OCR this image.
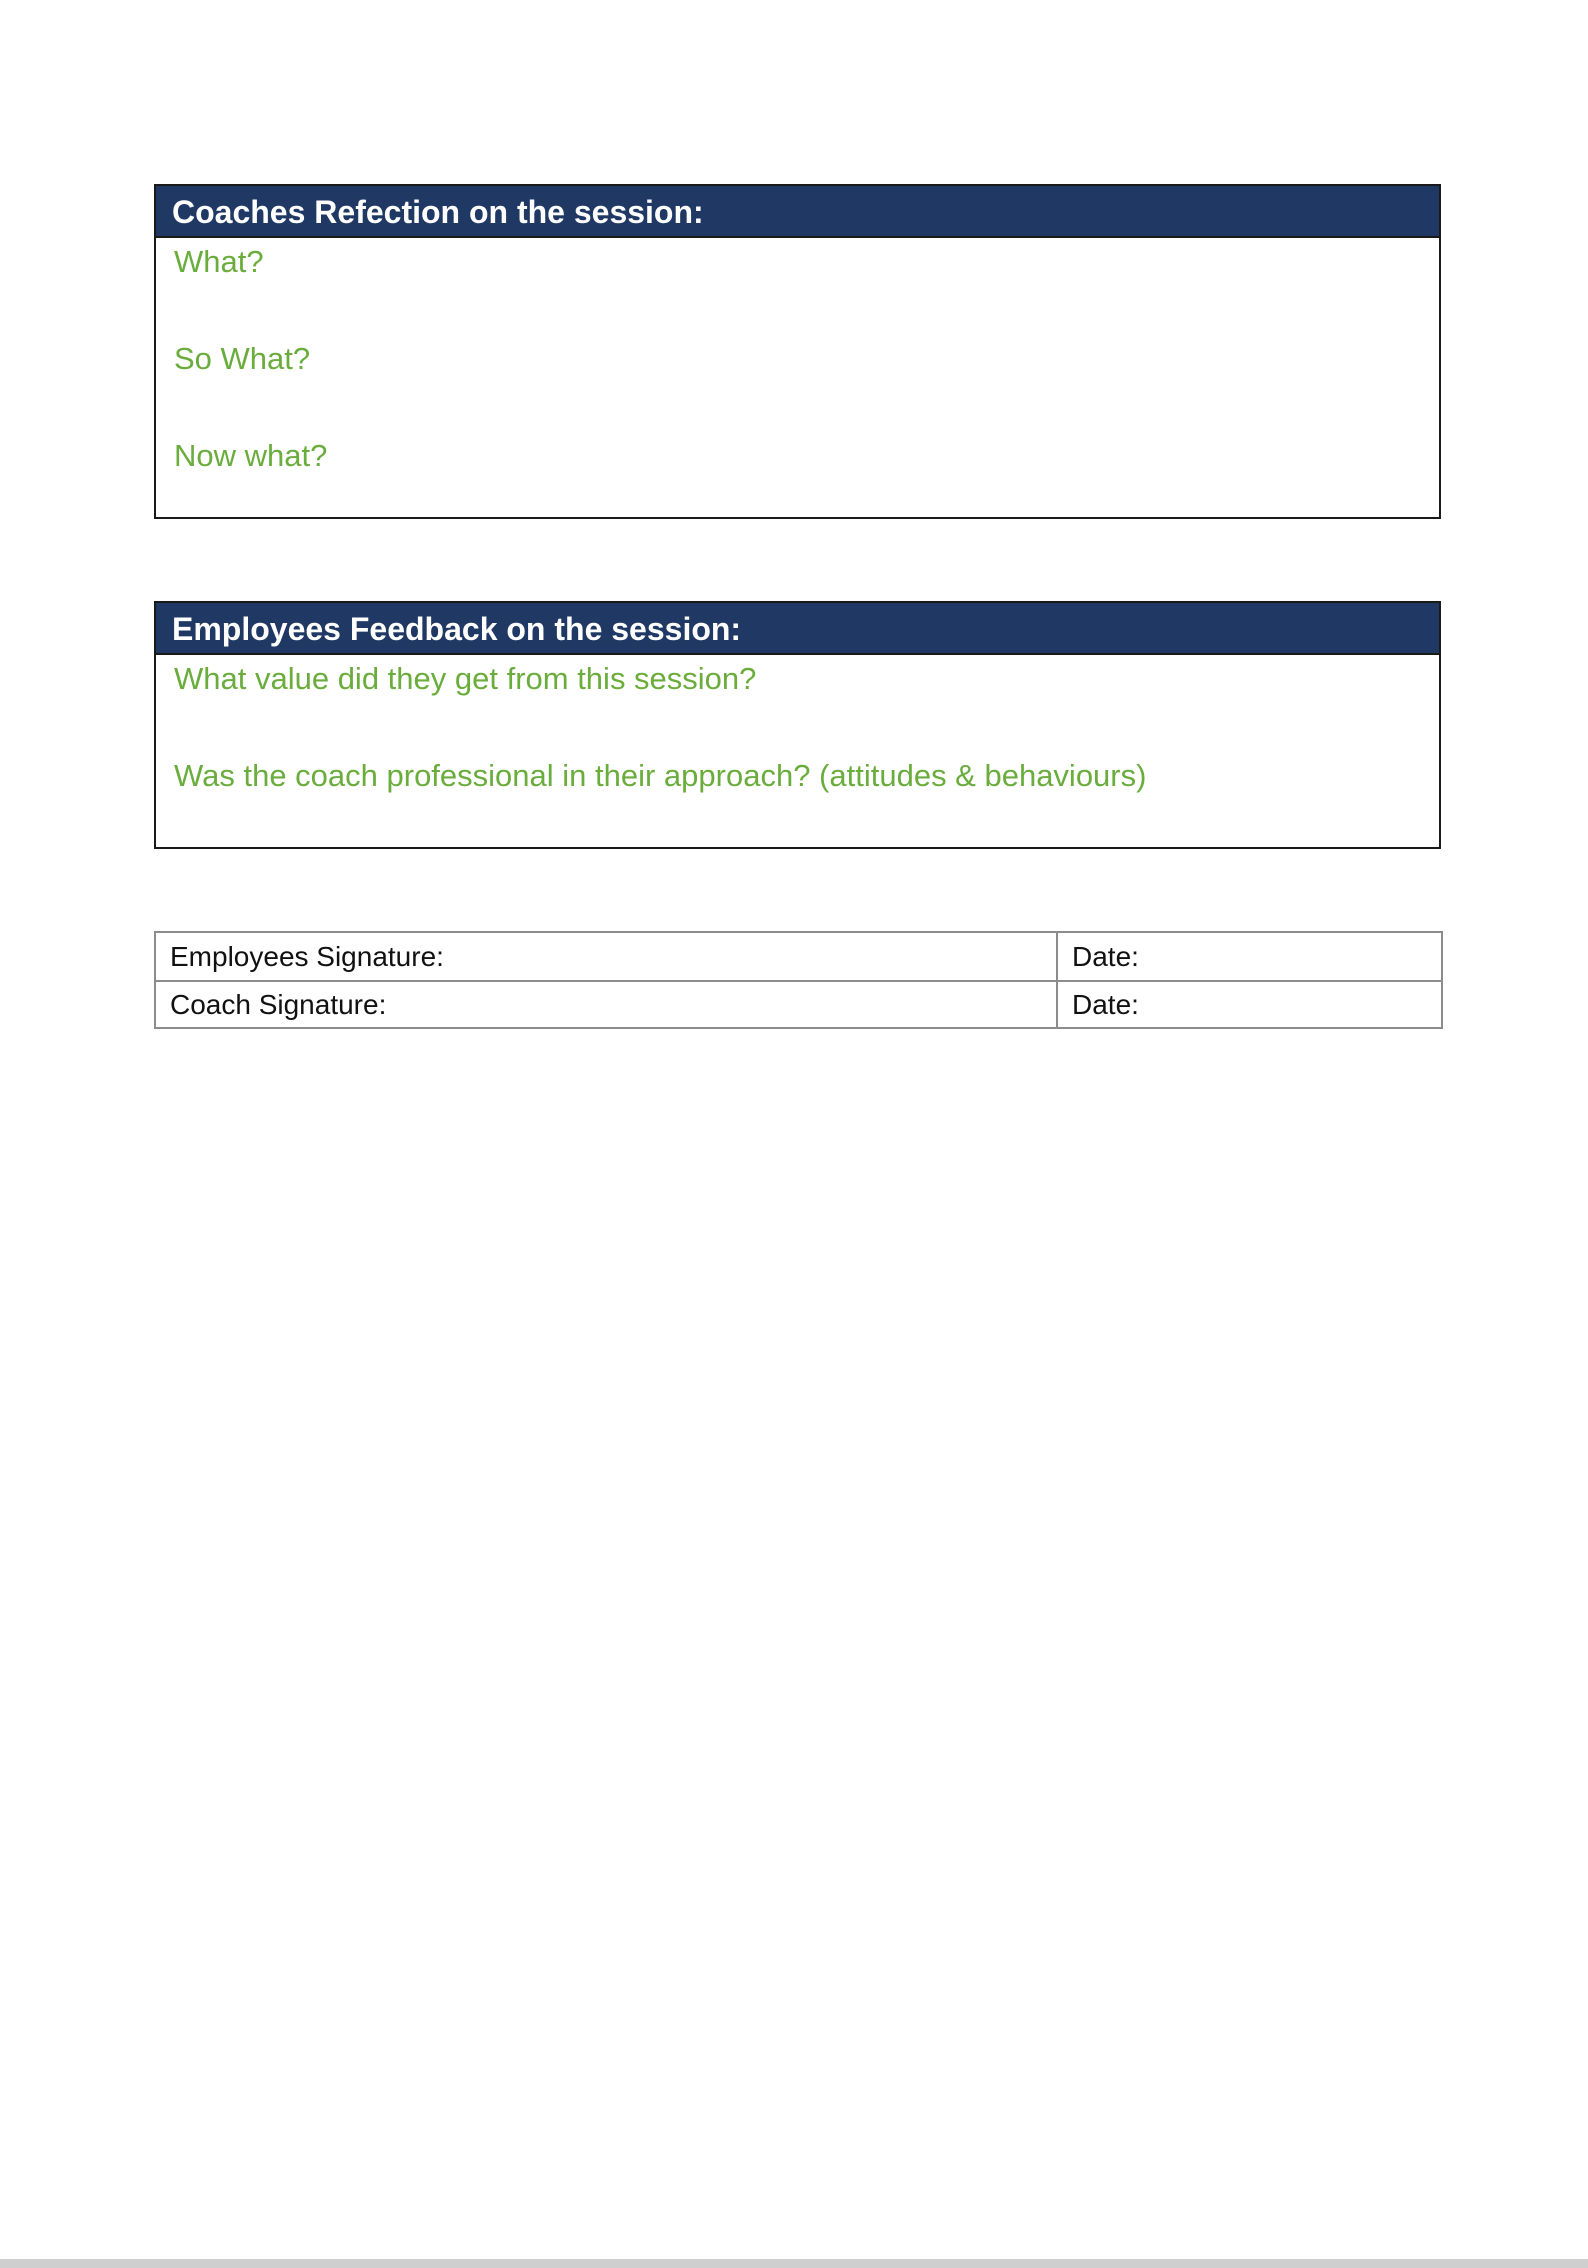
Coaches Refection on the session:
What?
So What?
Now what?
Employees Feedback on the session:
What value did they get from this session?
Was the coach professional in their approach? (attitudes & behaviours)
Employees Signature:	Date:
Coach Signature:	Date:
